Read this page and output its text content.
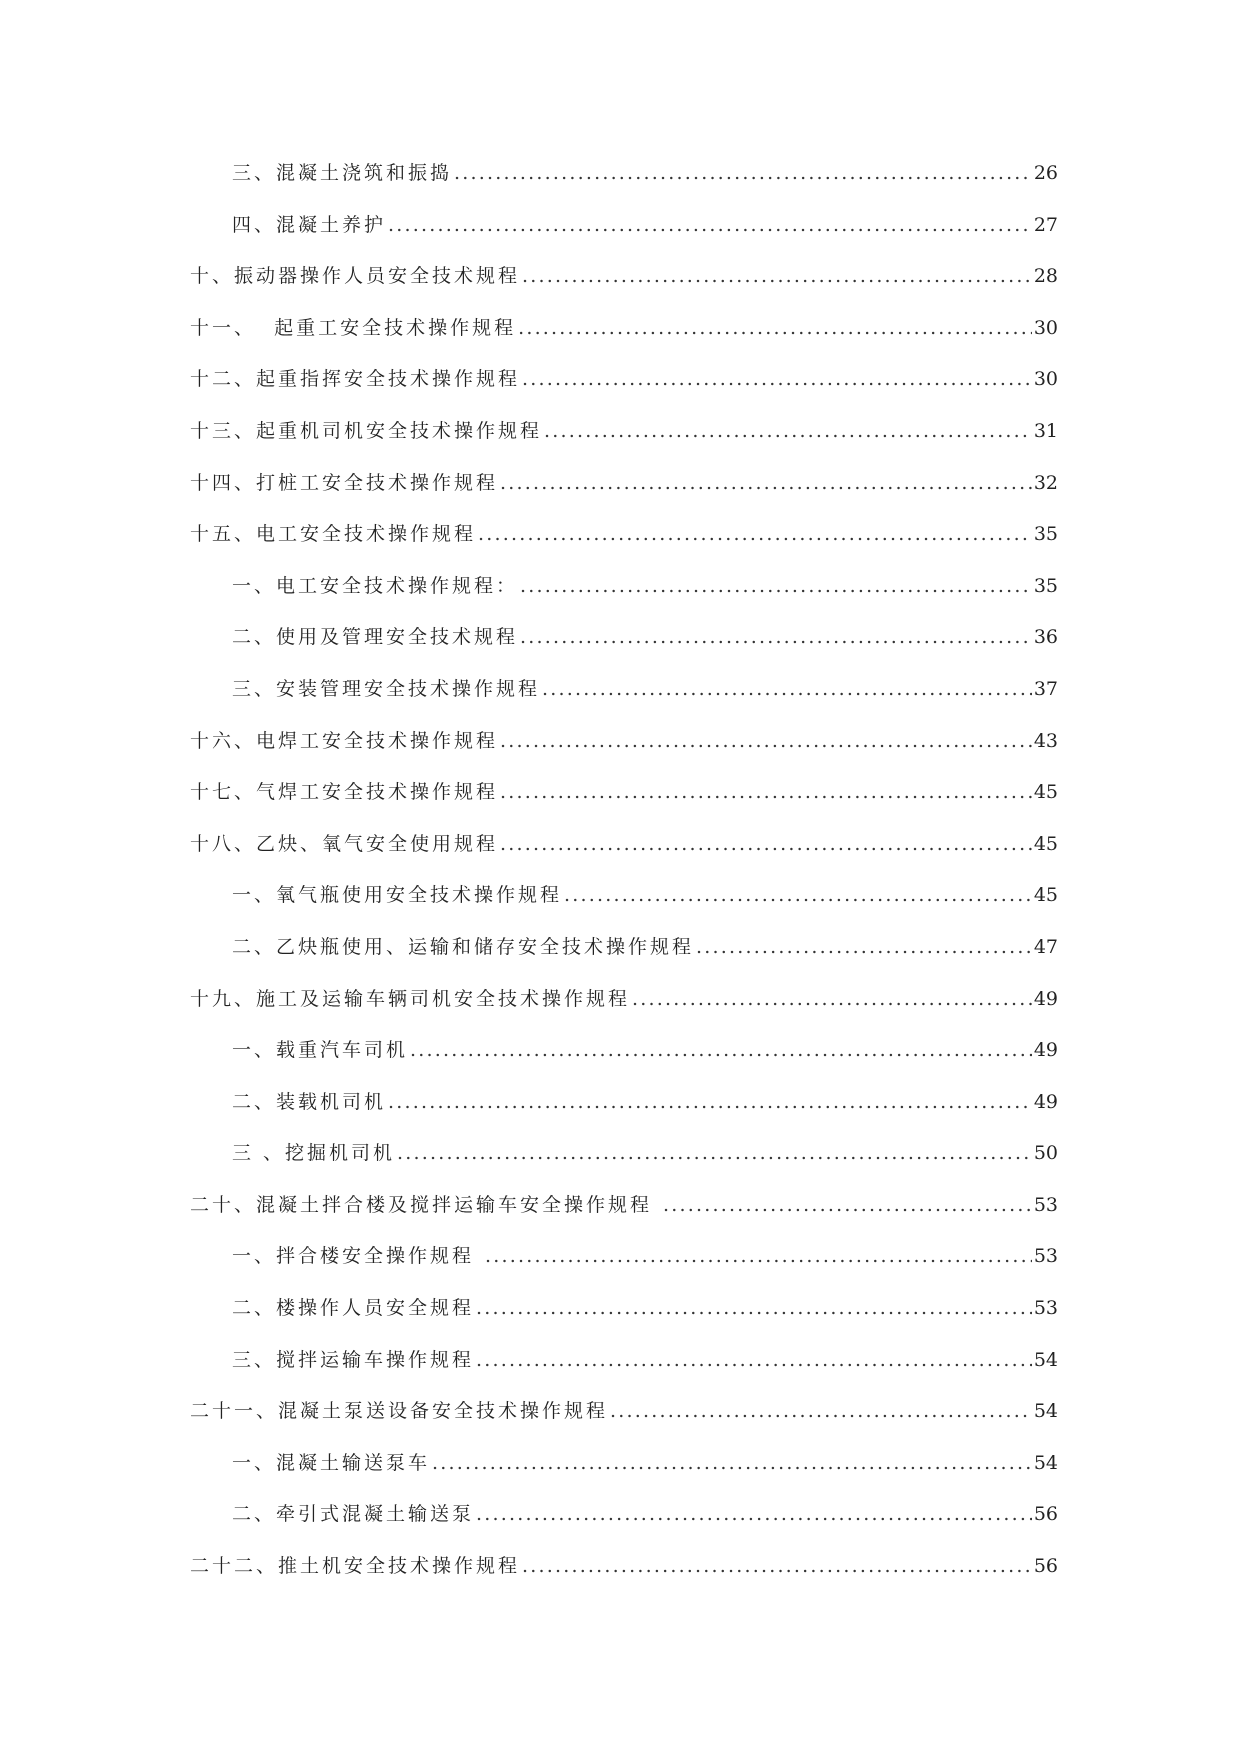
三、混凝土浇筑和振捣 .....	26
四、混凝土养护 .....	27
十、振动器操作人员安全技术规程 .....	28
十一、  起重工安全技术操作规程 .....	30
十二、起重指挥安全技术操作规程 .....	30
十三、起重机司机安全技术操作规程 .....	31
十四、打桩工安全技术操作规程 .....	32
十五、电工安全技术操作规程 .....	35
一、电工安全技术操作规程： .....	35
二、使用及管理安全技术规程 .....	36
三、安装管理安全技术操作规程 .....	37
十六、电焊工安全技术操作规程 .....	43
十七、气焊工安全技术操作规程 .....	45
十八、乙炔、氧气安全使用规程 .....	45
一、氧气瓶使用安全技术操作规程 .....	45
二、乙炔瓶使用、运输和储存安全技术操作规程 .....	47
十九、施工及运输车辆司机安全技术操作规程 .....	49
一、载重汽车司机 .....	49
二、装载机司机 .....	49
三 、挖掘机司机 .....	50
二十、混凝土拌合楼及搅拌运输车安全操作规程 .....	53
一、拌合楼安全操作规程 .....	53
二、楼操作人员安全规程 .....	53
三、搅拌运输车操作规程 .....	54
二十一、混凝土泵送设备安全技术操作规程 .....	54
一、混凝土输送泵车 .....	54
二、牵引式混凝土输送泵 .....	56
二十二、推土机安全技术操作规程 .....	56
